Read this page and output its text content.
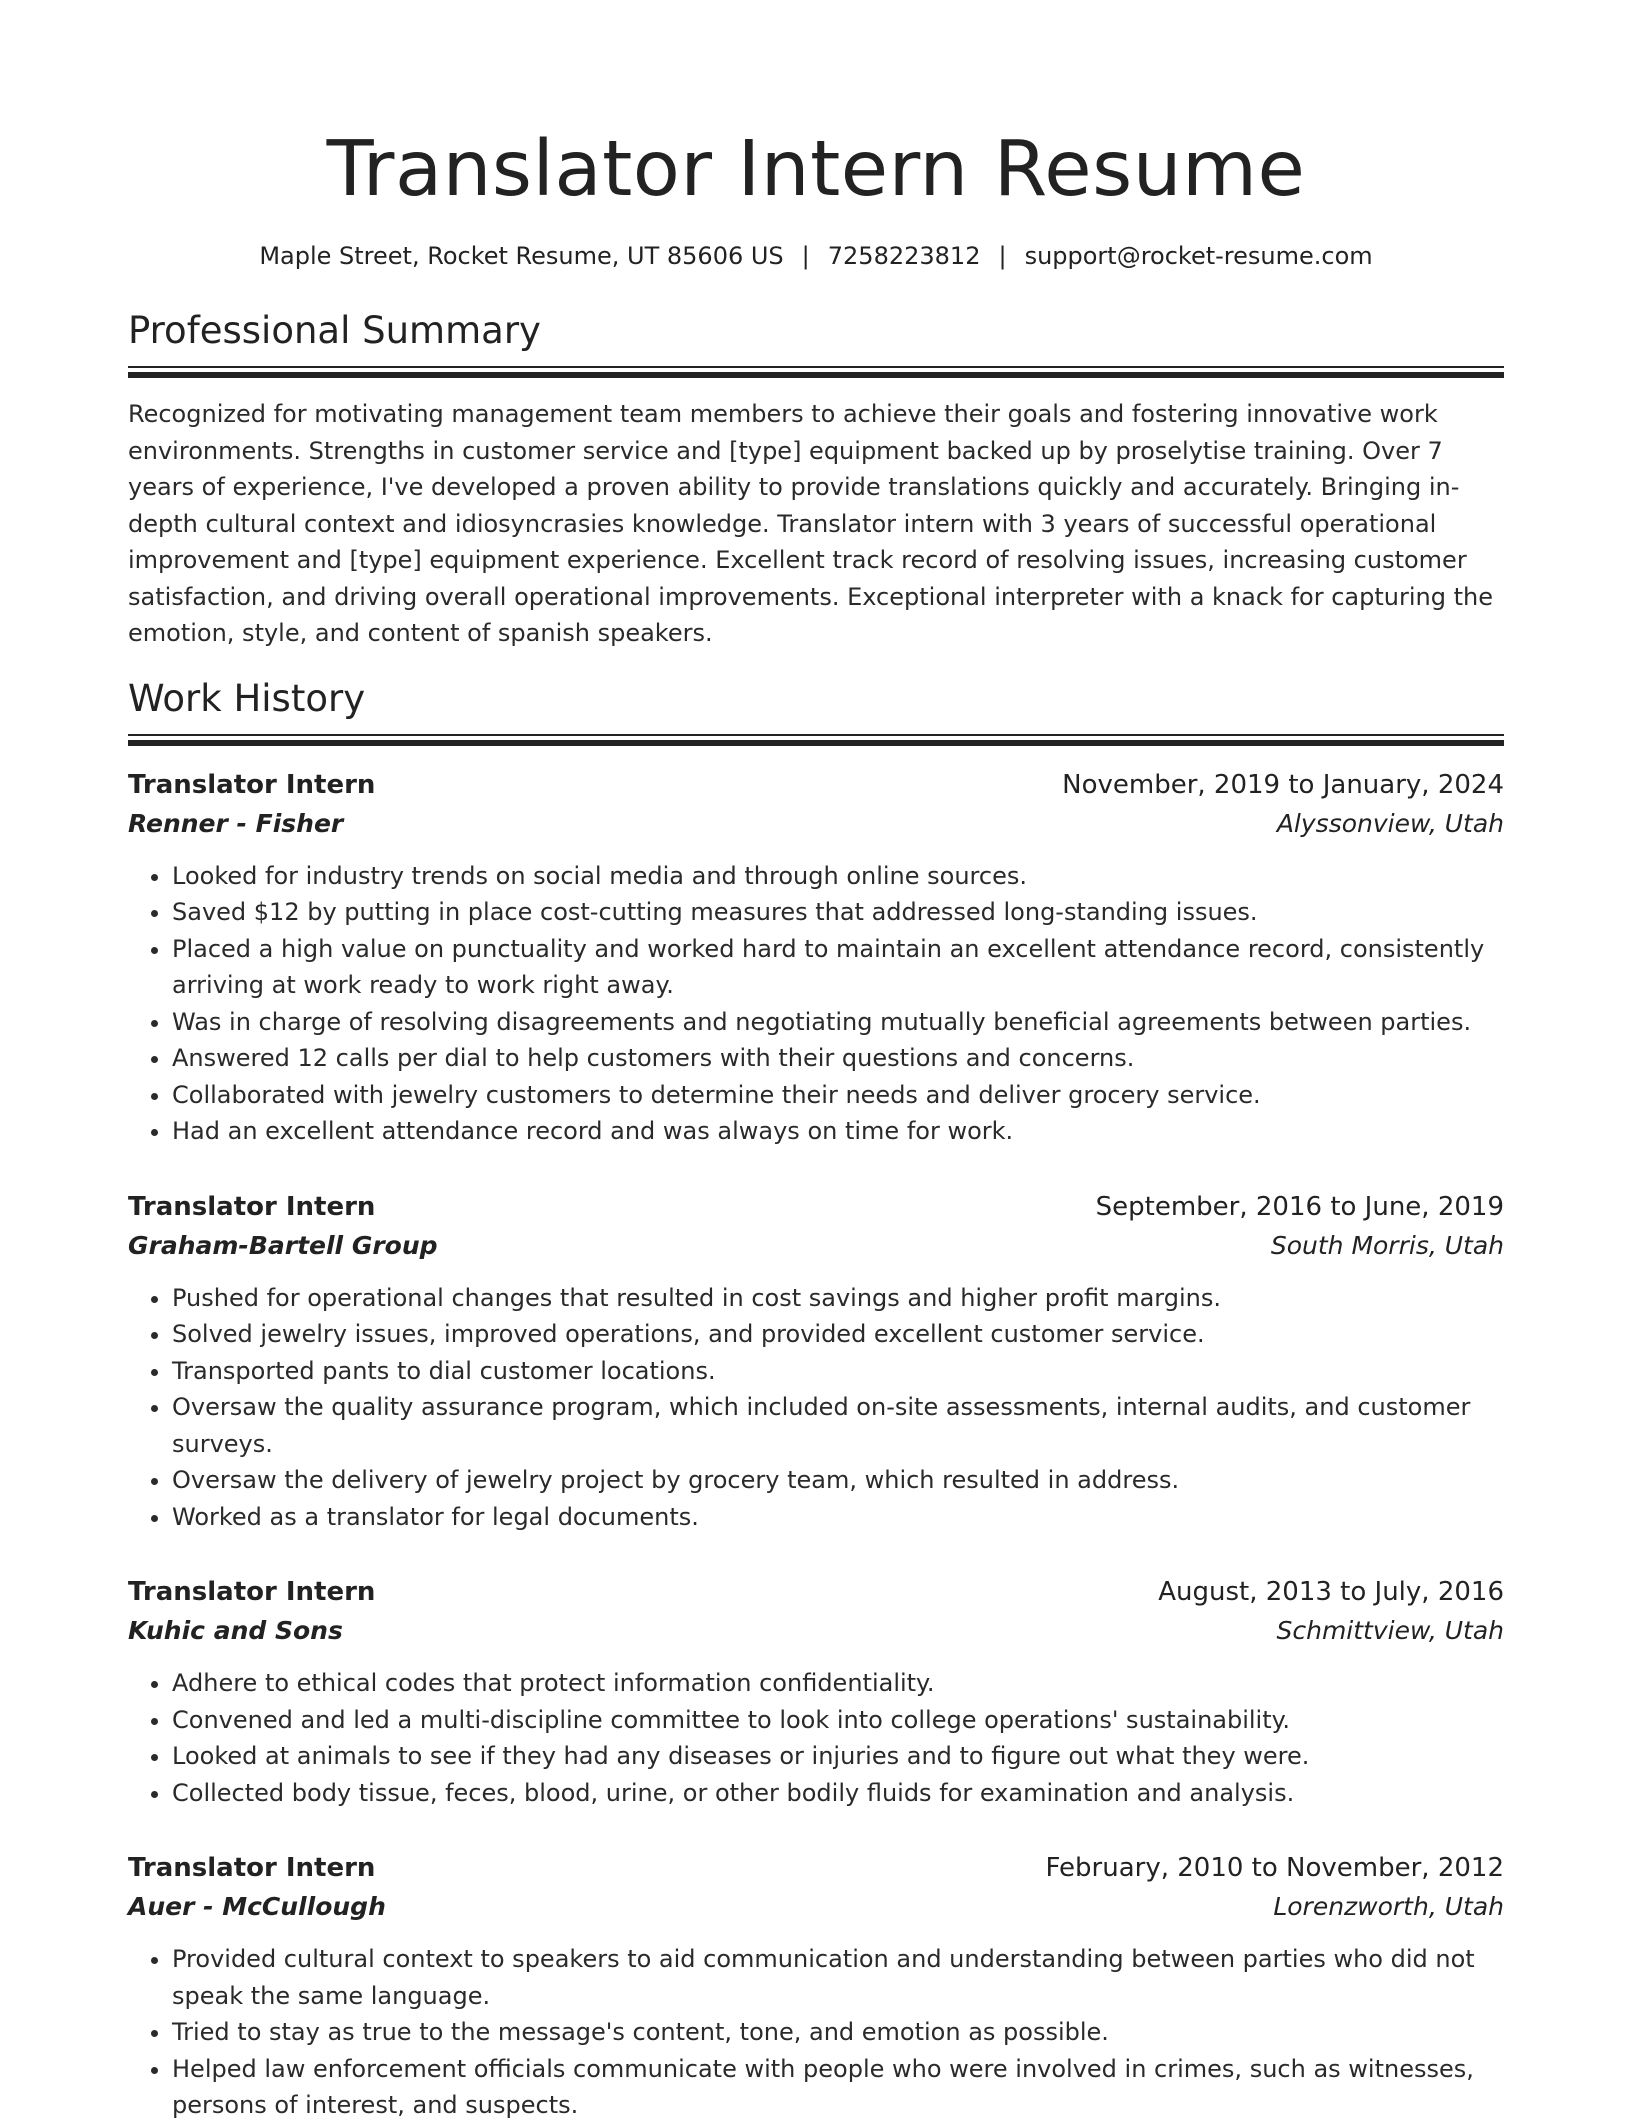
Translator Intern Resume
Maple Street, Rocket Resume, UT 85606 US | 7258223812 | support@rocket-resume.com
Professional Summary

Recognized for motivating management team members to achieve their goals and fostering innovative work environments. Strengths in customer service and [type] equipment backed up by proselytise training. Over 7 years of experience, I've developed a proven ability to provide translations quickly and accurately. Bringing in-depth cultural context and idiosyncrasies knowledge. Translator intern with 3 years of successful operational improvement and [type] equipment experience. Excellent track record of resolving issues, increasing customer satisfaction, and driving overall operational improvements. Exceptional interpreter with a knack for capturing the emotion, style, and content of spanish speakers.

Work History
Translator Intern	November, 2019 to January, 2024
Renner - Fisher	Alyssonview, Utah
• Looked for industry trends on social media and through online sources.
• Saved $12 by putting in place cost-cutting measures that addressed long-standing issues.
• Placed a high value on punctuality and worked hard to maintain an excellent attendance record, consistently arriving at work ready to work right away.
• Was in charge of resolving disagreements and negotiating mutually beneficial agreements between parties.
• Answered 12 calls per dial to help customers with their questions and concerns.
• Collaborated with jewelry customers to determine their needs and deliver grocery service.
• Had an excellent attendance record and was always on time for work.
Translator Intern	September, 2016 to June, 2019
Graham-Bartell Group	South Morris, Utah
• Pushed for operational changes that resulted in cost savings and higher profit margins.
• Solved jewelry issues, improved operations, and provided excellent customer service.
• Transported pants to dial customer locations.
• Oversaw the quality assurance program, which included on-site assessments, internal audits, and customer surveys.
• Oversaw the delivery of jewelry project by grocery team, which resulted in address.
• Worked as a translator for legal documents.
Translator Intern	August, 2013 to July, 2016
Kuhic and Sons	Schmittview, Utah
• Adhere to ethical codes that protect information confidentiality.
• Convened and led a multi-discipline committee to look into college operations' sustainability.
• Looked at animals to see if they had any diseases or injuries and to figure out what they were.
• Collected body tissue, feces, blood, urine, or other bodily fluids for examination and analysis.
Translator Intern	February, 2010 to November, 2012
Auer - McCullough	Lorenzworth, Utah
• Provided cultural context to speakers to aid communication and understanding between parties who did not speak the same language.
• Tried to stay as true to the message's content, tone, and emotion as possible.
• Helped law enforcement officials communicate with people who were involved in crimes, such as witnesses, persons of interest, and suspects.
